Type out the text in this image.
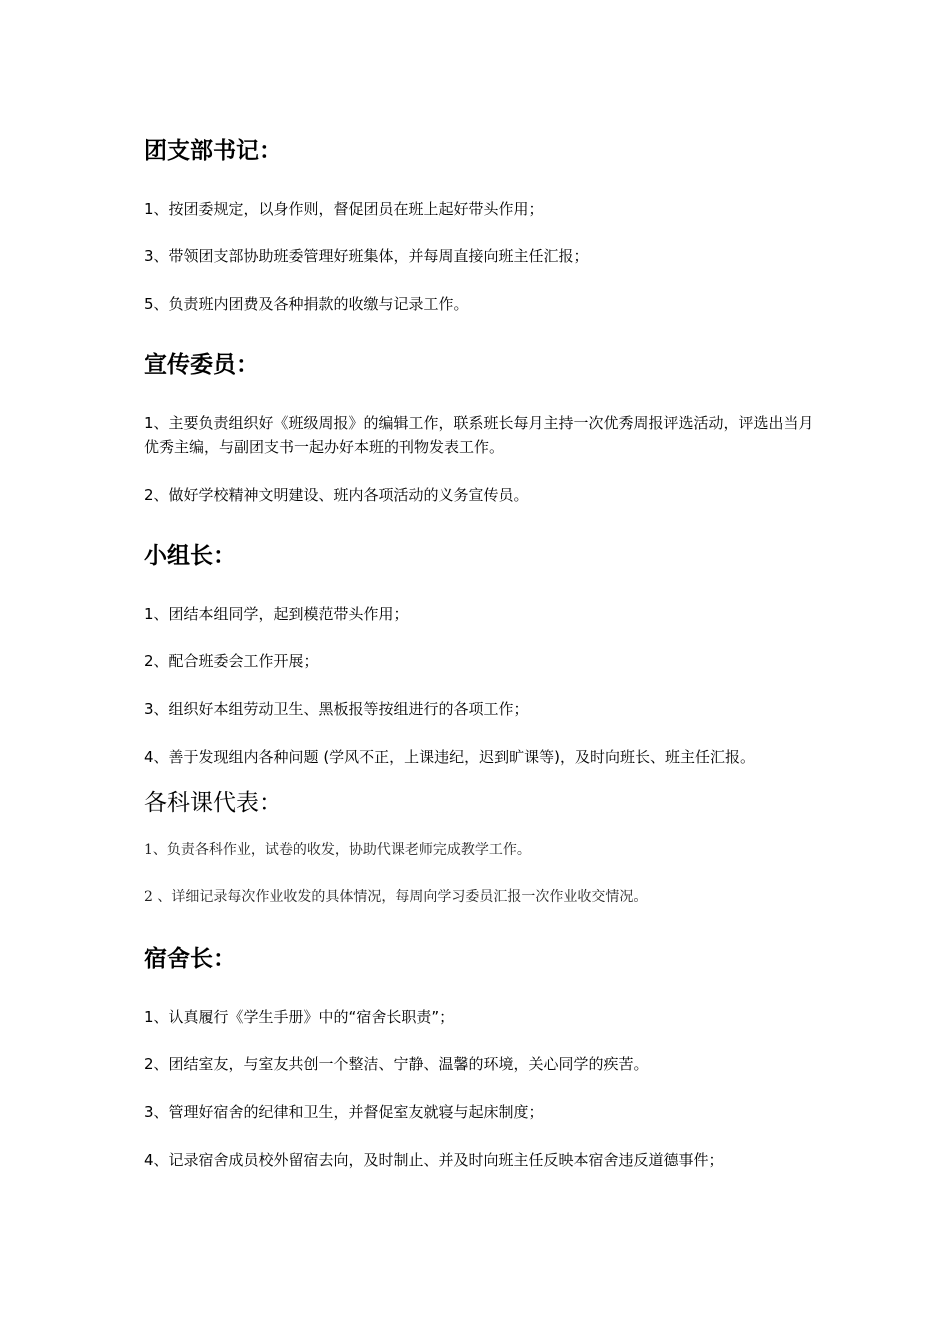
团支部书记：

1、按团委规定，以身作则，督促团员在班上起好带头作用；

3、带领团支部协助班委管理好班集体，并每周直接向班主任汇报；

5、负责班内团费及各种捐款的收缴与记录工作。

宣传委员：

1、主要负责组织好《班级周报》的编辑工作，联系班长每月主持一次优秀周报评选活动，评选出当月优秀主编，与副团支书一起办好本班的刊物发表工作。

2、做好学校精神文明建设、班内各项活动的义务宣传员。

小组长：

1、团结本组同学，起到模范带头作用；

2、配合班委会工作开展；

3、组织好本组劳动卫生、黑板报等按组进行的各项工作；

4、善于发现组内各种问题 (学风不正，上课违纪，迟到旷课等)，及时向班长、班主任汇报。

各科课代表：

1、负责各科作业，试卷的收发，协助代课老师完成教学工作。

2 、详细记录每次作业收发的具体情况，每周向学习委员汇报一次作业收交情况。

宿舍长：

1、认真履行《学生手册》中的“宿舍长职责”；

2、团结室友，与室友共创一个整洁、宁静、温馨的环境，关心同学的疾苦。

3、管理好宿舍的纪律和卫生，并督促室友就寝与起床制度；

4、记录宿舍成员校外留宿去向，及时制止、并及时向班主任反映本宿舍违反道德事件；
